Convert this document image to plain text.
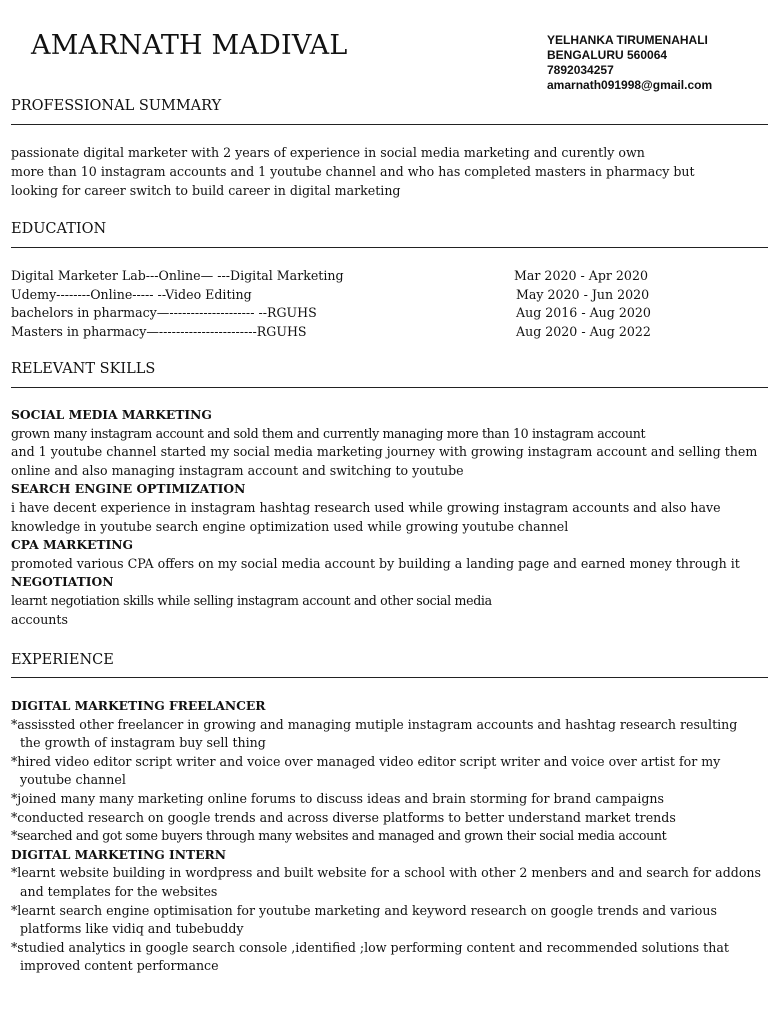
AMARNATH MADIVAL	YELHANKA TIRUMENAHALI
BENGALURU 560064
7892034257
amarnath091998@gmail.com
PROFESSIONAL SUMMARY
passionate digital marketer with 2 years of experience in social media marketing and curently own
more than 10 instagram accounts and 1 youtube channel and who has completed masters in pharmacy but
looking for career switch to build career in digital marketing
EDUCATION
Digital Marketer Lab---Online— ---Digital Marketing
Udemy--------Online----- --Video Editing
bachelors in pharmacy—-------------------- --RGUHS
Masters in pharmacy—-----------------------RGUHS
Mar 2020 - Apr 2020
May 2020 - Jun 2020
Aug 2016 - Aug 2020
Aug 2020 - Aug 2022
RELEVANT SKILLS
SOCIAL MEDIA MARKETING
grown many instagram account and sold them and currently managing more than 10 instagram account
and 1 youtube channel started my social media marketing journey with growing instagram account and selling them
online and also managing instagram account and switching to youtube
SEARCH ENGINE OPTIMIZATION
i have decent experience in instagram hashtag research used while growing instagram accounts and also have
knowledge in youtube search engine optimization used while growing youtube channel
CPA MARKETING
promoted various CPA offers on my social media account by building a landing page and earned money through it
NEGOTIATION
learnt negotiation skills while selling instagram account and other social media
accounts
EXPERIENCE
DIGITAL MARKETING FREELANCER
*assissted other freelancer in growing and managing mutiple instagram accounts and hashtag research resulting
the growth of instagram buy sell thing
*hired video editor script writer and voice over managed video editor script writer and voice over artist for my
youtube channel
*joined many many marketing online forums to discuss ideas and brain storming for brand campaigns
*conducted research on google trends and across diverse platforms to better understand market trends
*searched and got some buyers through many websites and managed and grown their social media account
DIGITAL MARKETING INTERN
*learnt website building in wordpress and built website for a school with other 2 menbers and and search for addons
and templates for the websites
*learnt search engine optimisation for youtube marketing and keyword research on google trends and various
platforms like vidiq and tubebuddy
*studied analytics in google search console ,identified ;low performing content and recommended solutions that
improved content performance
